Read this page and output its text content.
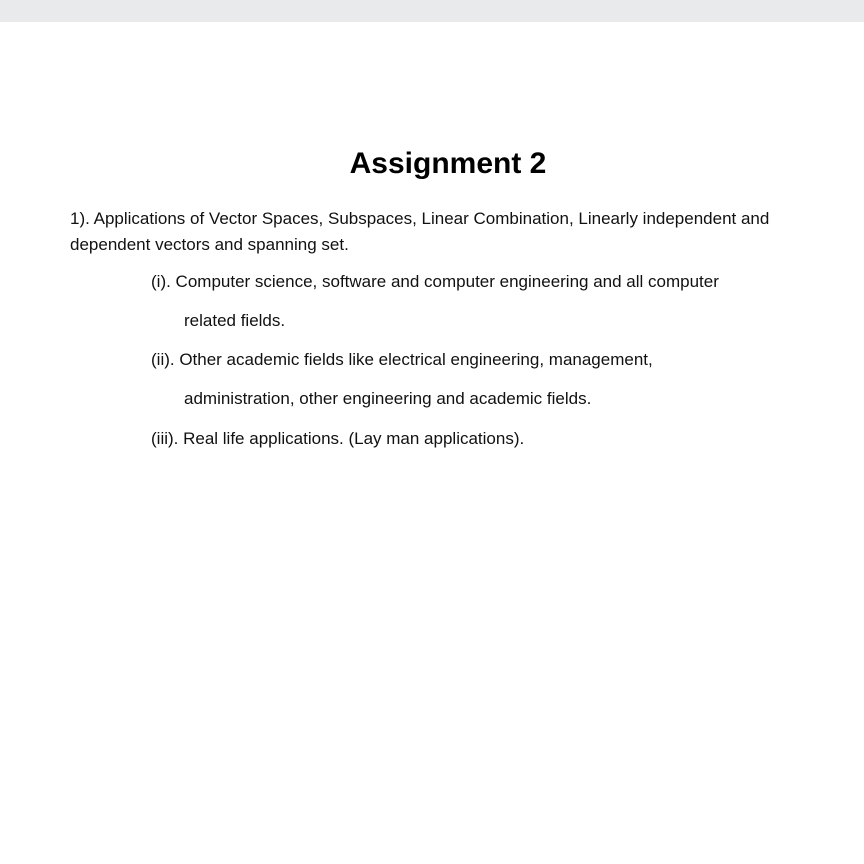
Assignment 2

1). Applications of Vector Spaces, Subspaces, Linear Combination, Linearly independent and dependent vectors and spanning set.

(i). Computer science, software and computer engineering and all computer
related fields.
(ii). Other academic fields like electrical engineering, management,
administration, other engineering and academic fields.
(iii). Real life applications. (Lay man applications).
